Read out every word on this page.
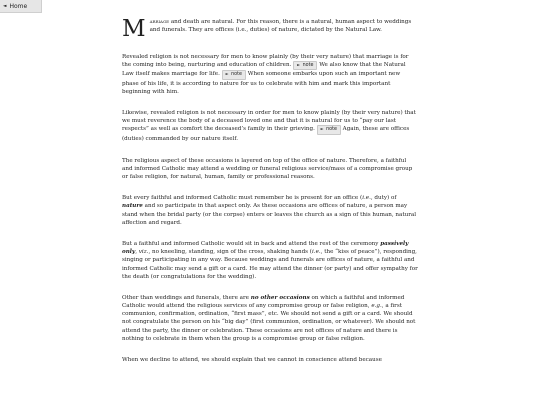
◄ Home

M arriage and death are natural. For this reason, there is a natural, human aspect to weddings and funerals. They are offices (i.e., duties) of nature, dictated by the Natural Law.

Revealed religion is not necessary for men to know plainly (by their very nature) that marriage is for the coming into being, nurturing and education of children. ► note We also know that the Natural Law itself makes marriage for life. ► note When someone embarks upon such an important new phase of his life, it is according to nature for us to celebrate with him and mark this important beginning with him.

Likewise, revealed religion is not necessary in order for men to know plainly (by their very nature) that we must reverence the body of a deceased loved one and that it is natural for us to “pay our last respects” as well as comfort the deceased’s family in their grieving. ► note Again, these are offices (duties) commanded by our nature itself.

The religious aspect of these occasions is layered on top of the office of nature. Therefore, a faithful and informed Catholic may attend a wedding or funeral religious service/mass of a compromise group or false religion, for natural, human, family or professional reasons.

But every faithful and informed Catholic must remember he is present for an office (i.e., duty) of nature and so participate in that aspect only. As these occasions are offices of nature, a person may stand when the bridal party (or the corpse) enters or leaves the church as a sign of this human, natural affection and regard.

But a faithful and informed Catholic would sit in back and attend the rest of the ceremony passively only, viz., no kneeling, standing, sign of the cross, shaking hands (i.e., the “kiss of peace”), responding, singing or participating in any way. Because weddings and funerals are offices of nature, a faithful and informed Catholic may send a gift or a card. He may attend the dinner (or party) and offer sympathy for the death (or congratulations for the wedding).

Other than weddings and funerals, there are no other occasions on which a faithful and informed Catholic would attend the religious services of any compromise group or false religion, e.g., a first communion, confirmation, ordination, “first mass”, etc. We should not send a gift or a card. We should not congratulate the person on his “big day” (first communion, ordination, or whatever). We should not attend the party, the dinner or celebration. These occasions are not offices of nature and there is nothing to celebrate in them when the group is a compromise group or false religion.

When we decline to attend, we should explain that we cannot in conscience attend because
